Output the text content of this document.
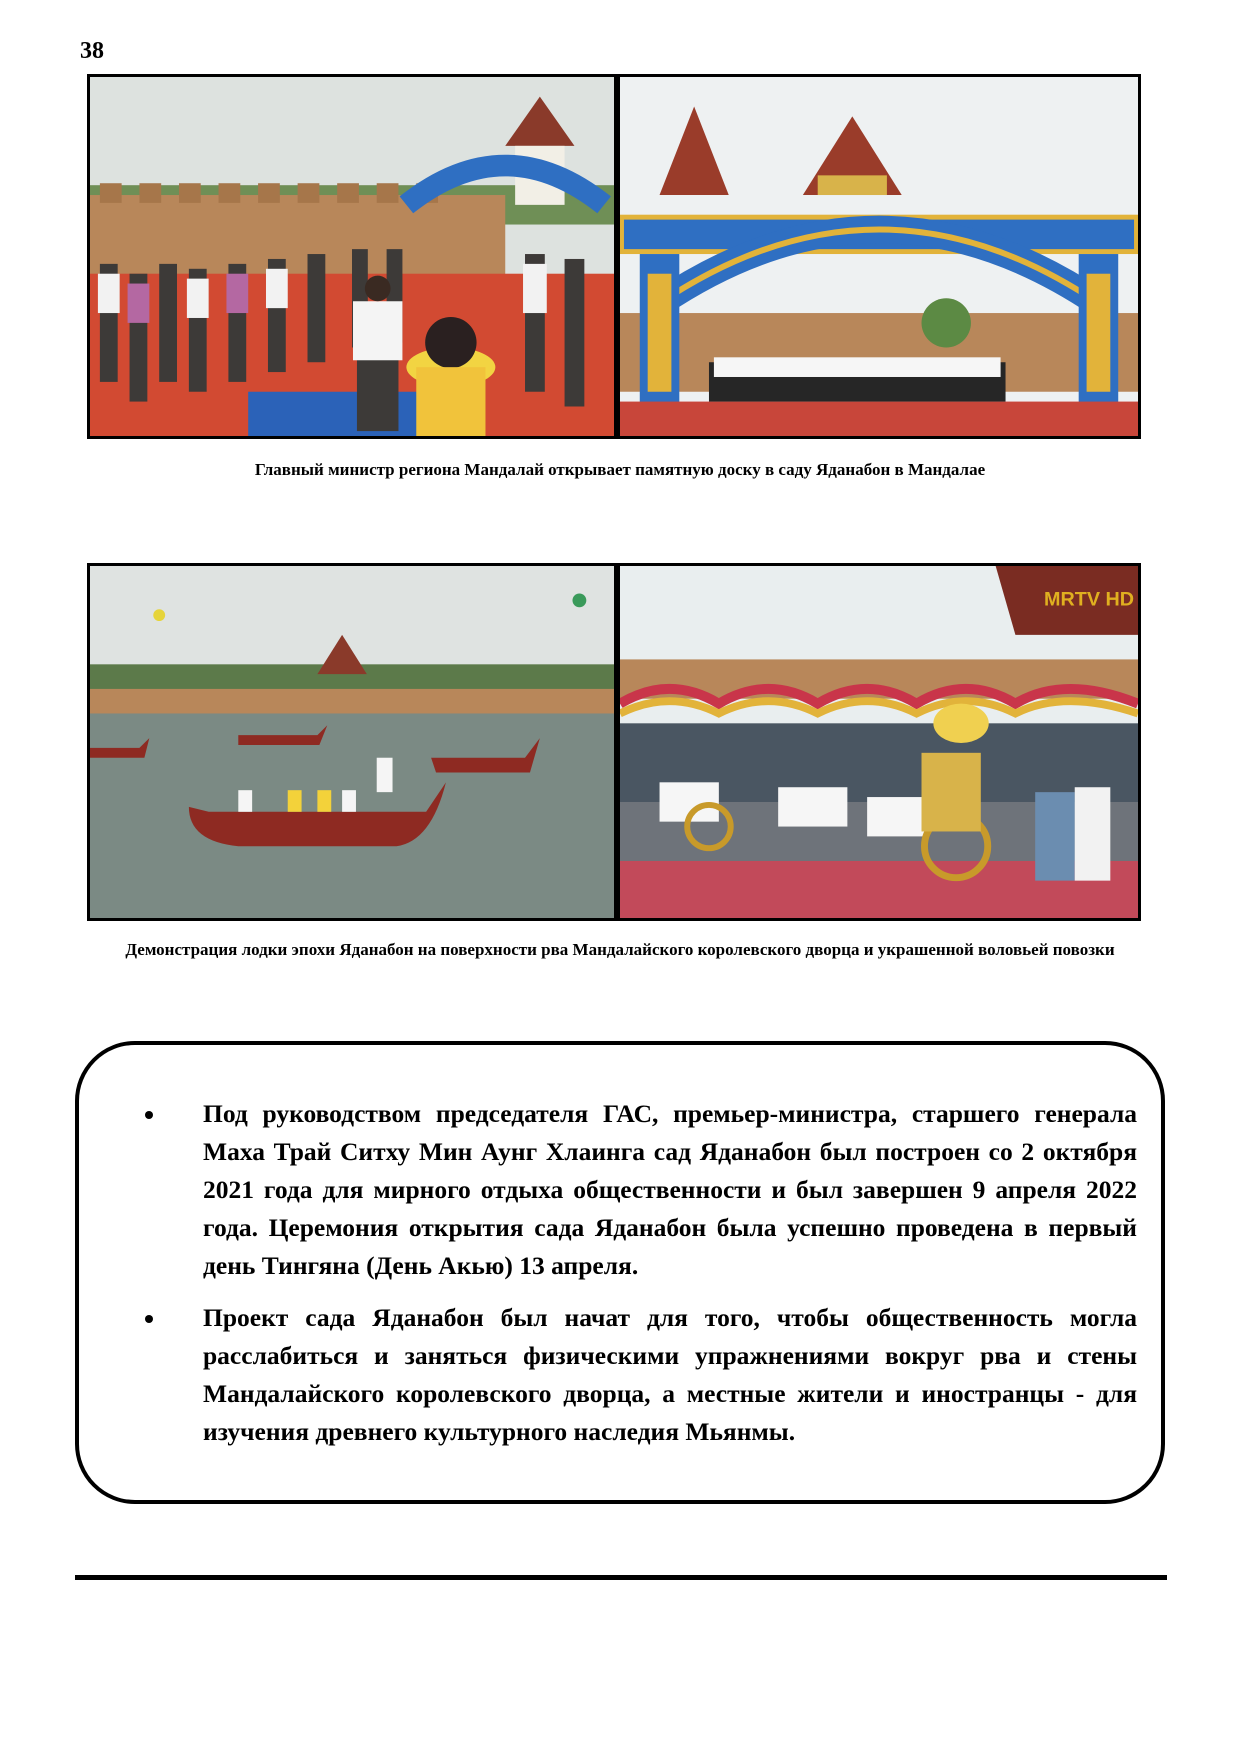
38
Главный министр региона Мандалай открывает памятную доску в саду Яданабон в Мандалае
MRTV HD
Демонстрация лодки эпохи Яданабон на поверхности рва Мандалайского королевского дворца и украшенной воловьей повозки
Под руководством председателя ГАС, премьер-министра, старшего генерала Маха Трай Ситху Мин Аунг Хлаинга сад Яданабон был построен со 2 октября 2021 года для мирного отдыха общественности и был завершен 9 апреля 2022 года. Церемония открытия сада Яданабон была успешно проведена в первый день Тингяна (День Акью) 13 апреля.
Проект сада Яданабон был начат для того, чтобы общественность могла расслабиться и заняться физическими упражнениями вокруг рва и стены Мандалайского королевского дворца, а местные жители и иностранцы - для изучения древнего культурного наследия Мьянмы.
